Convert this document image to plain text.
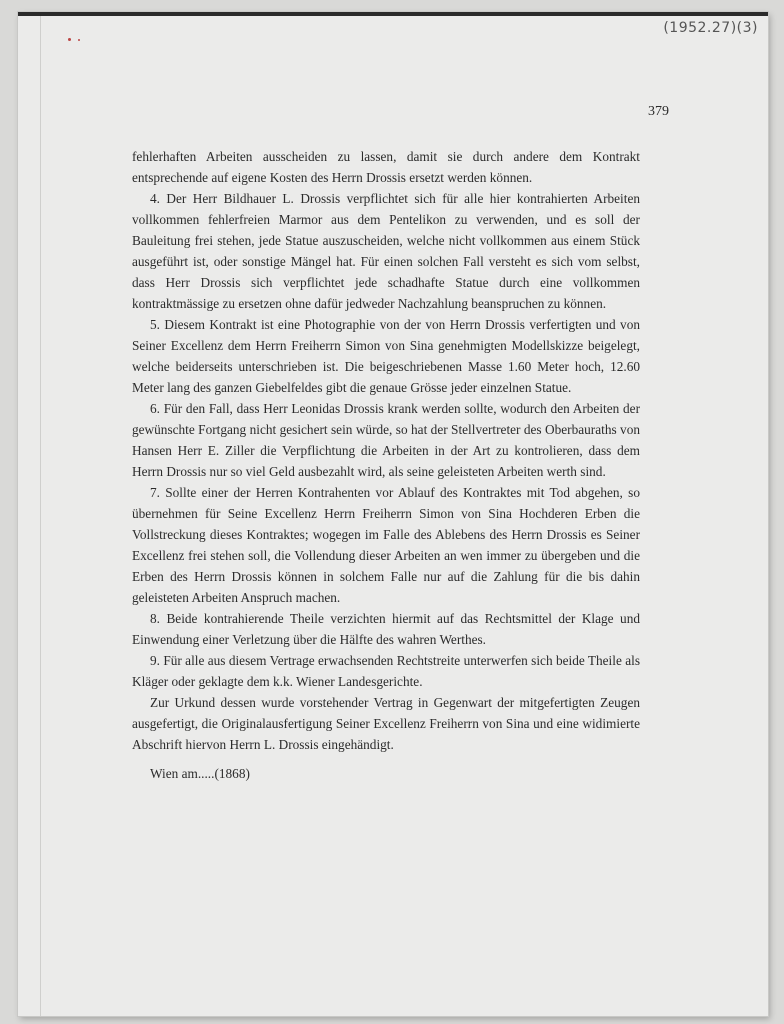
(1952.27)(3)
379

fehlerhaften Arbeiten ausscheiden zu lassen, damit sie durch andere dem Kontrakt entsprechende auf eigene Kosten des Herrn Drossis ersetzt werden können.

4. Der Herr Bildhauer L. Drossis verpflichtet sich für alle hier kontrahierten Arbeiten vollkommen fehlerfreien Marmor aus dem Pentelikon zu verwenden, und es soll der Bauleitung frei stehen, jede Statue auszuscheiden, welche nicht vollkommen aus einem Stück ausgeführt ist, oder sonstige Mängel hat. Für einen solchen Fall versteht es sich vom selbst, dass Herr Drossis sich verpflichtet jede schadhafte Statue durch eine vollkommen kontraktmässige zu ersetzen ohne dafür jedweder Nachzahlung beanspruchen zu können.

5. Diesem Kontrakt ist eine Photographie von der von Herrn Drossis verfertigten und von Seiner Excellenz dem Herrn Freiherrn Simon von Sina genehmigten Modellskizze beigelegt, welche beiderseits unterschrieben ist. Die beigeschriebenen Masse 1.60 Meter hoch, 12.60 Meter lang des ganzen Giebelfeldes gibt die genaue Grösse jeder einzelnen Statue.

6. Für den Fall, dass Herr Leonidas Drossis krank werden sollte, wodurch den Arbeiten der gewünschte Fortgang nicht gesichert sein würde, so hat der Stellvertreter des Oberbauraths von Hansen Herr E. Ziller die Verpflichtung die Arbeiten in der Art zu kontrolieren, dass dem Herrn Drossis nur so viel Geld ausbezahlt wird, als seine geleisteten Arbeiten werth sind.

7. Sollte einer der Herren Kontrahenten vor Ablauf des Kontraktes mit Tod abgehen, so übernehmen für Seine Excellenz Herrn Freiherrn Simon von Sina Hochderen Erben die Vollstreckung dieses Kontraktes; wogegen im Falle des Ablebens des Herrn Drossis es Seiner Excellenz frei stehen soll, die Vollendung dieser Arbeiten an wen immer zu übergeben und die Erben des Herrn Drossis können in solchem Falle nur auf die Zahlung für die bis dahin geleisteten Arbeiten Anspruch machen.

8. Beide kontrahierende Theile verzichten hiermit auf das Rechtsmittel der Klage und Einwendung einer Verletzung über die Hälfte des wahren Werthes.

9. Für alle aus diesem Vertrage erwachsenden Rechtstreite unterwerfen sich beide Theile als Kläger oder geklagte dem k.k. Wiener Landesgerichte.

Zur Urkund dessen wurde vorstehender Vertrag in Gegenwart der mitgefertigten Zeugen ausgefertigt, die Originalausfertigung Seiner Excellenz Freiherrn von Sina und eine widimierte Abschrift hiervon Herrn L. Drossis eingehändigt.

Wien am.....(1868)
